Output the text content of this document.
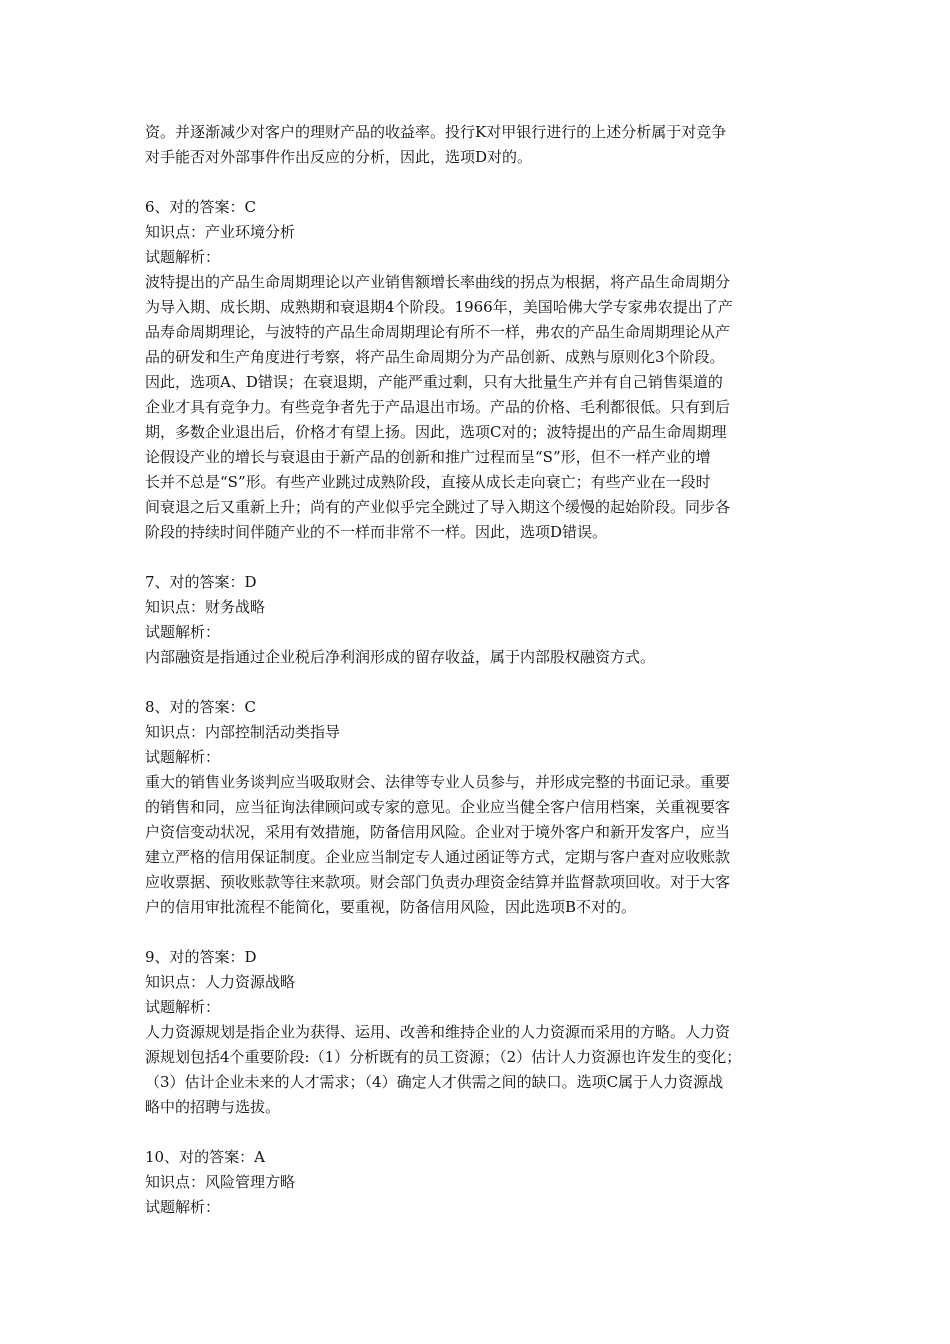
资。并逐渐减少对客户的理财产品的收益率。投行K对甲银行进行的上述分析属于对竞争
对手能否对外部事件作出反应的分析，因此，选项D对的。
6、对的答案：C
知识点：产业环境分析
试题解析：
波特提出的产品生命周期理论以产业销售额增长率曲线的拐点为根据，将产品生命周期分
为导入期、成长期、成熟期和衰退期4个阶段。1966年，美国哈佛大学专家弗农提出了产
品寿命周期理论，与波特的产品生命周期理论有所不一样，弗农的产品生命周期理论从产
品的研发和生产角度进行考察，将产品生命周期分为产品创新、成熟与原则化3个阶段。
因此，选项A、D错误；在衰退期，产能严重过剩，只有大批量生产并有自己销售渠道的
企业才具有竞争力。有些竞争者先于产品退出市场。产品的价格、毛利都很低。只有到后
期，多数企业退出后，价格才有望上扬。因此，选项C对的；波特提出的产品生命周期理
论假设产业的增长与衰退由于新产品的创新和推广过程而呈“S”形，但不一样产业的增
长并不总是“S”形。有些产业跳过成熟阶段，直接从成长走向衰亡；有些产业在一段时
间衰退之后又重新上升；尚有的产业似乎完全跳过了导入期这个缓慢的起始阶段。同步各
阶段的持续时间伴随产业的不一样而非常不一样。因此，选项D错误。
7、对的答案：D
知识点：财务战略
试题解析：
内部融资是指通过企业税后净利润形成的留存收益，属于内部股权融资方式。
8、对的答案：C
知识点：内部控制活动类指导
试题解析：
重大的销售业务谈判应当吸取财会、法律等专业人员参与，并形成完整的书面记录。重要
的销售和同，应当征询法律顾问或专家的意见。企业应当健全客户信用档案，关重视要客
户资信变动状况，采用有效措施，防备信用风险。企业对于境外客户和新开发客户，应当
建立严格的信用保证制度。企业应当制定专人通过函证等方式，定期与客户查对应收账款
应收票据、预收账款等往来款项。财会部门负责办理资金结算并监督款项回收。对于大客
户的信用审批流程不能简化，要重视，防备信用风险，因此选项B不对的。
9、对的答案：D
知识点：人力资源战略
试题解析：
人力资源规划是指企业为获得、运用、改善和维持企业的人力资源而采用的方略。人力资
源规划包括4个重要阶段:（1）分析既有的员工资源；（2）估计人力资源也许发生的变化；
（3）估计企业未来的人才需求；（4）确定人才供需之间的缺口。选项C属于人力资源战
略中的招聘与选拔。
10、对的答案：A
知识点：风险管理方略
试题解析：
